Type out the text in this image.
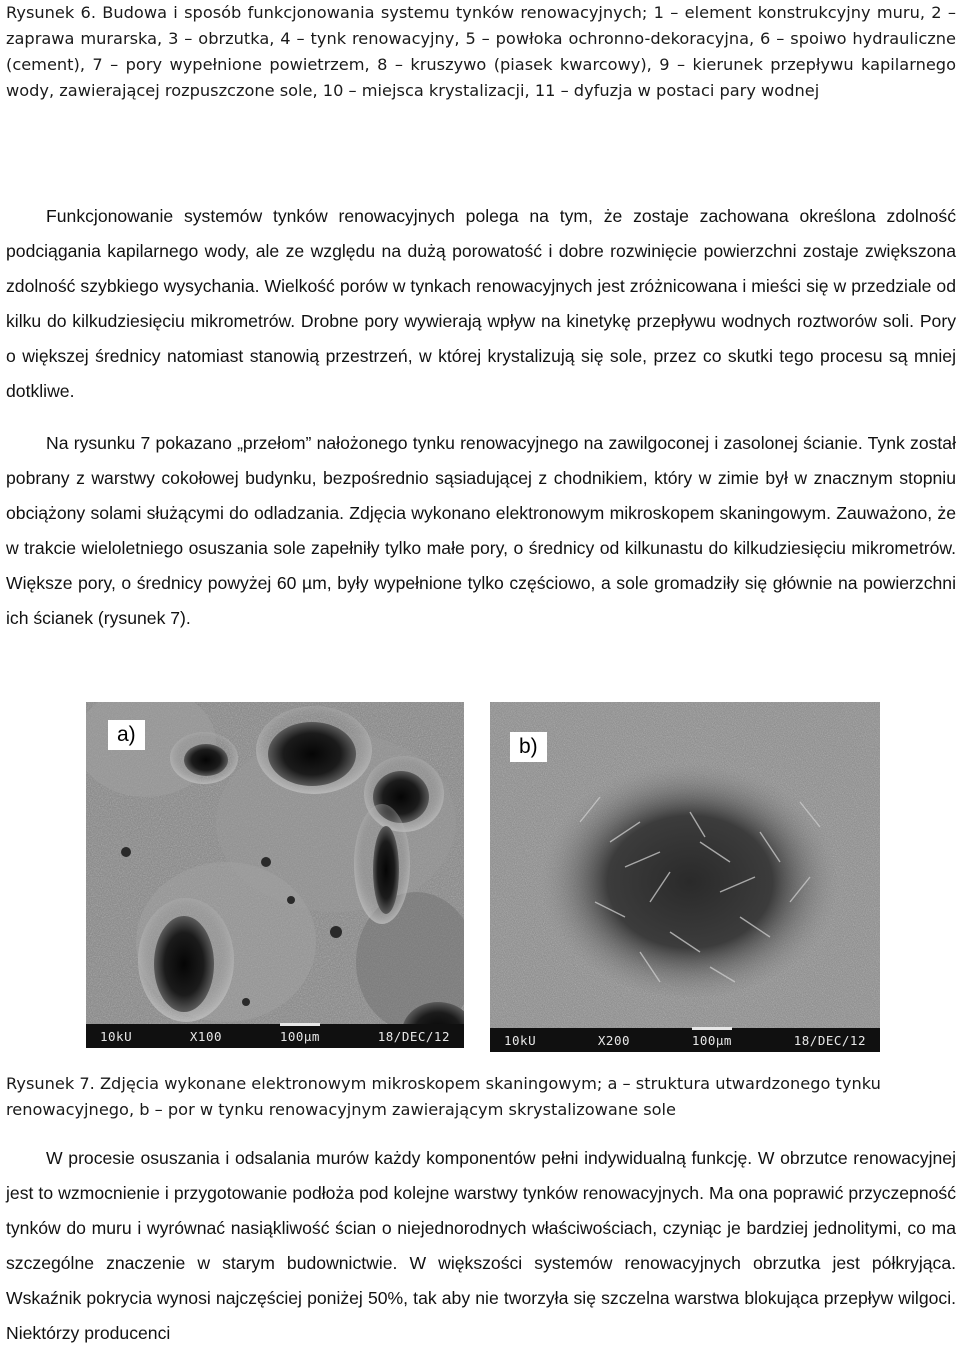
Rysunek 6. Budowa i sposób funkcjonowania systemu tynków renowacyjnych; 1 – element konstrukcyjny muru, 2 – zaprawa murarska, 3 – obrzutka, 4 – tynk renowacyjny, 5 – powłoka ochronno-dekoracyjna, 6 – spoiwo hydrauliczne (cement), 7 – pory wypełnione powietrzem, 8 – kruszywo (piasek kwarcowy), 9 – kierunek przepływu kapilarnego wody, zawierającej rozpuszczone sole, 10 – miejsca krystalizacji, 11 – dyfuzja w postaci pary wodnej
Funkcjonowanie systemów tynków renowacyjnych polega na tym, że zostaje zachowana określona zdolność podciągania kapilarnego wody, ale ze względu na dużą porowatość i dobre rozwinięcie powierzchni zostaje zwiększona zdolność szybkiego wysychania. Wielkość porów w tynkach renowacyjnych jest zróżnicowana i mieści się w przedziale od kilku do kilkudziesięciu mikrometrów. Drobne pory wywierają wpływ na kinetykę przepływu wodnych roztworów soli. Pory o większej średnicy natomiast stanowią przestrzeń, w której krystalizują się sole, przez co skutki tego procesu są mniej dotkliwe.
Na rysunku 7 pokazano „przełom” nałożonego tynku renowacyjnego na zawilgoconej i zasolonej ścianie. Tynk został pobrany z warstwy cokołowej budynku, bezpośrednio sąsiadującej z chodnikiem, który w zimie był w znacznym stopniu obciążony solami służącymi do odladzania. Zdjęcia wykonano elektronowym mikroskopem skaningowym. Zauważono, że w trakcie wieloletniego osuszania sole zapełniły tylko małe pory, o średnicy od kilkunastu do kilkudziesięciu mikrometrów. Większe pory, o średnicy powyżej 60 µm, były wypełnione tylko częściowo, a sole gromadziły się głównie na powierzchni ich ścianek (rysunek 7).
a)
10kU	X100	100μm	18/DEC/12
b)
10kU	X200	100μm	18/DEC/12
Rysunek 7. Zdjęcia wykonane elektronowym mikroskopem skaningowym; a – struktura utwardzonego tynku renowacyjnego, b – por w tynku renowacyjnym zawierającym skrystalizowane sole
W procesie osuszania i odsalania murów każdy komponentów pełni indywidualną funkcję. W obrzutce renowacyjnej jest to wzmocnienie i przygotowanie podłoża pod kolejne warstwy tynków renowacyjnych. Ma ona poprawić przyczepność tynków do muru i wyrównać nasiąkliwość ścian o niejednorodnych właściwościach, czyniąc je bardziej jednolitymi, co ma szczególne znaczenie w starym budownictwie. W większości systemów renowacyjnych obrzutka jest półkryjąca. Wskaźnik pokrycia wynosi najczęściej poniżej 50%, tak aby nie tworzyła się szczelna warstwa blokująca przepływ wilgoci. Niektórzy producenci
